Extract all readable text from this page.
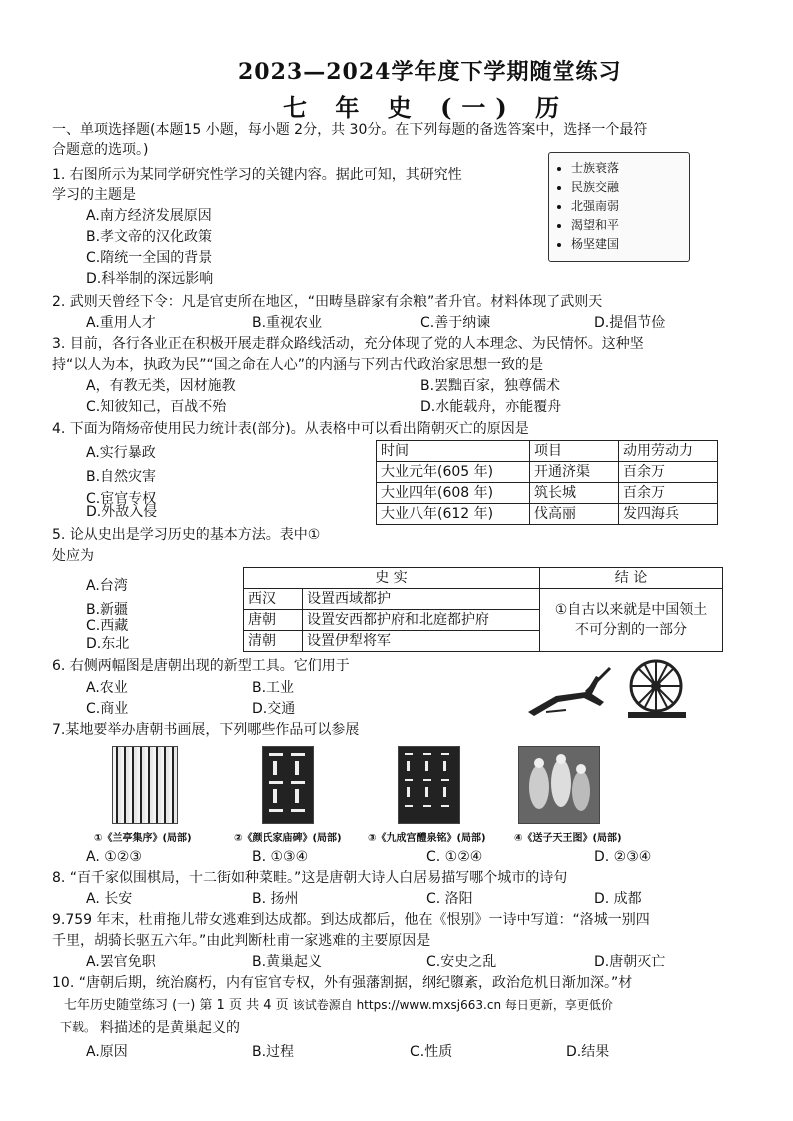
2023—2024学年度下学期随堂练习
七 年 史 (一) 历
一、单项选择题(本题15 小题，每小题 2分，共 30分。在下列每题的备选答案中，选择一个最符
合题意的选项。)
1. 右图所示为某同学研究性学习的关键内容。据此可知，其研究性
学习的主题是
A.南方经济发展原因
B.孝文帝的汉化政策
C.隋统一全国的背景
D.科举制的深远影响
• 士族衰落
• 民族交融
• 北强南弱
• 渴望和平
• 杨坚建国
2. 武则天曾经下令：凡是官吏所在地区，“田畴垦辟家有余粮”者升官。材料体现了武则天
A.重用人才	B.重视农业	C.善于纳谏	D.提倡节俭
3. 目前，各行各业正在积极开展走群众路线活动，充分体现了党的人本理念、为民情怀。这种坚
持“以人为本，执政为民”“国之命在人心”的内涵与下列古代政治家思想一致的是
A，有教无类，因材施教	B.罢黜百家，独尊儒术
C.知彼知己，百战不殆	D.水能载舟，亦能覆舟
4. 下面为隋炀帝使用民力统计表(部分)。从表格中可以看出隋朝灭亡的原因是
A.实行暴政
B.自然灾害
C.宦官专权
D.外敌入侵
时间	项目	动用劳动力
大业元年(605 年)	开通济渠	百余万
大业四年(608 年)	筑长城	百余万
大业八年(612 年)	伐高丽	发四海兵
5. 论从史出是学习历史的基本方法。表中①
处应为
A.台湾
B.新疆
C.西藏
D.东北
史 实		结 论
西汉	设置西域都护	①自古以来就是中国领土
不可分割的一部分

唐朝	设置安西都护府和北庭都护府	
清朝	设置伊犁将军	
6. 右侧两幅图是唐朝出现的新型工具。它们用于
A.农业	B.工业
C.商业	D.交通
7.某地要举办唐朝书画展，下列哪些作品可以参展
①《兰亭集序》(局部)	②《颜氏家庙碑》(局部)	③《九成宫醴泉铭》(局部)	④《送子天王图》(局部)
A. ①②③	B. ①③④	C. ①②④	D. ②③④
8. “百千家似围棋局，十二街如种菜畦。”这是唐朝大诗人白居易描写哪个城市的诗句
A. 长安	B. 扬州	C. 洛阳	D. 成都
9.759 年末，杜甫拖儿带女逃难到达成都。到达成都后，他在《恨别》一诗中写道：“洛城一别四
千里，胡骑长驱五六年。”由此判断杜甫一家逃难的主要原因是
A.罢官免职	B.黄巢起义	C.安史之乱	D.唐朝灭亡
10. “唐朝后期，统治腐朽，内有宦官专权，外有强藩割据，纲纪隳紊，政治危机日渐加深。”材
七年历史随堂练习 (一) 第 1 页 共 4 页 该试卷源自 https://www.mxsj663.cn 每日更新，享更低价
下载。 料描述的是黄巢起义的
A.原因	B.过程	C.性质	D.结果
